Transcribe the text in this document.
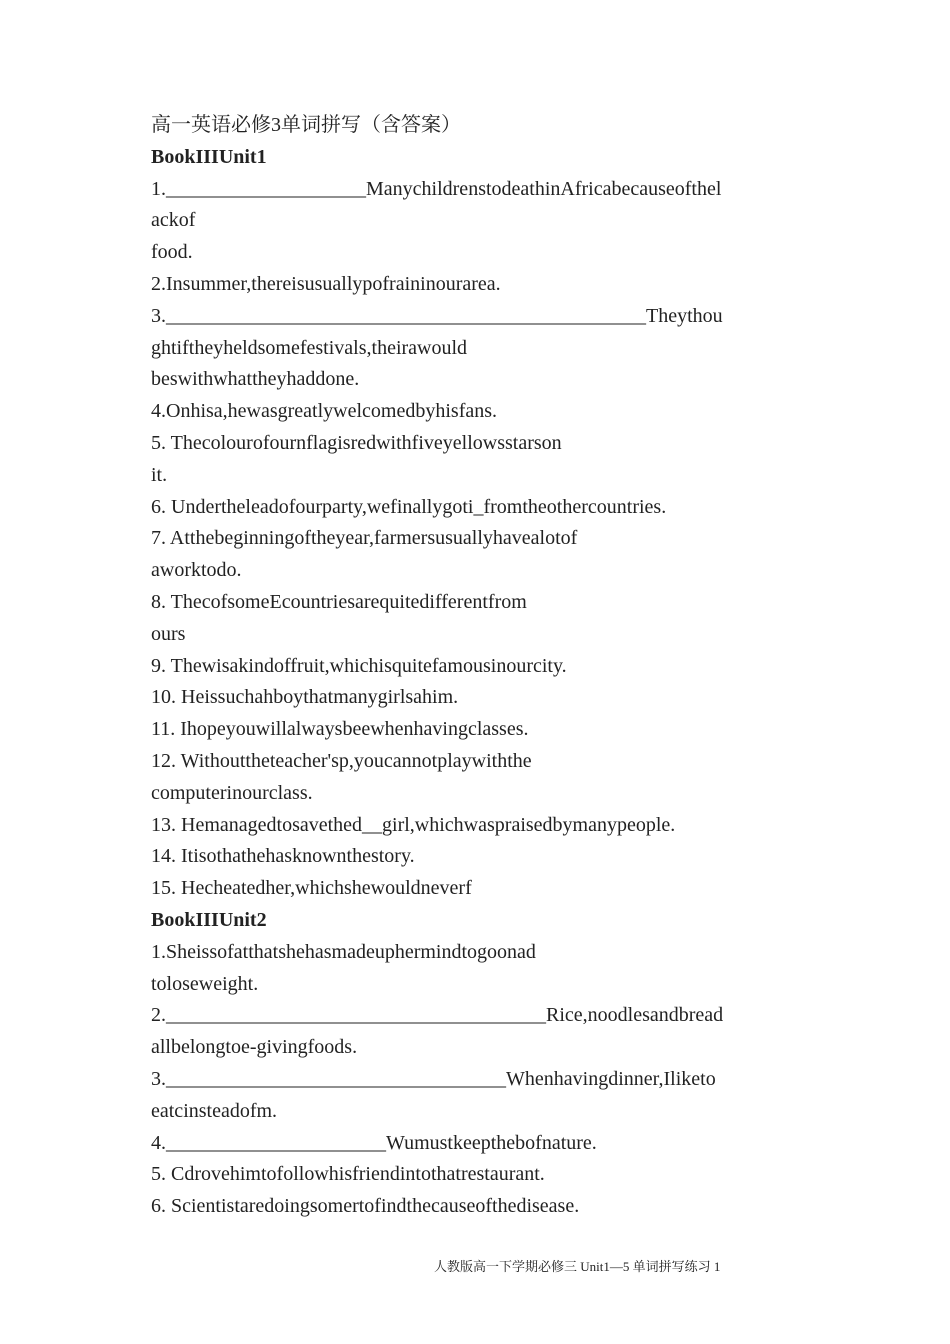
高一英语必修3单词拼写（含答案）
BookIIIUnit1
1.____________________ManychildrenstodeathinAfricabecauseofthel
ackof
food.
2.Insummer,thereisusuallypofraininourarea.
3.________________________________________________Theythou
ghtiftheyheldsomefestivals,theirawould
beswithwhattheyhaddone.
4.Onhisa,hewasgreatlywelcomedbyhisfans.
5. Thecolourofournflagisredwithfiveyellowsstarson
it.
6. Undertheleadofourparty,wefinallygoti_fromtheothercountries.
7. Atthebeginningoftheyear,farmersusuallyhavealotof
aworktodo.
8. ThecofsomeEcountriesarequitedifferentfrom
ours
9. Thewisakindoffruit,whichisquitefamousinourcity.
10. Heissuchahboythatmanygirlsahim.
11. Ihopeyouwillalwaysbeewhenhavingclasses.
12. Withouttheteacher'sp,youcannotplaywiththe
computerinourclass.
13. Hemanagedtosavethed__girl,whichwaspraisedbymanypeople.
14. Itisothathehasknownthestory.
15. Hecheatedher,whichshewouldneverf
BookIIIUnit2
1.Sheissofatthatshehasmadeuphermindtogoonad
toloseweight.
2.______________________________________Rice,noodlesandbread
allbelongtoe-givingfoods.
3.__________________________________Whenhavingdinner,Iliketo
eatcinsteadofm.
4.______________________Wumustkeepthebofnature.
5. Cdrovehimtofollowhisfriendintothatrestaurant.
6. Scientistaredoingsomertofindthecauseofthedisease.
人教版高一下学期必修三 Unit1—5 单词拼写练习 1
